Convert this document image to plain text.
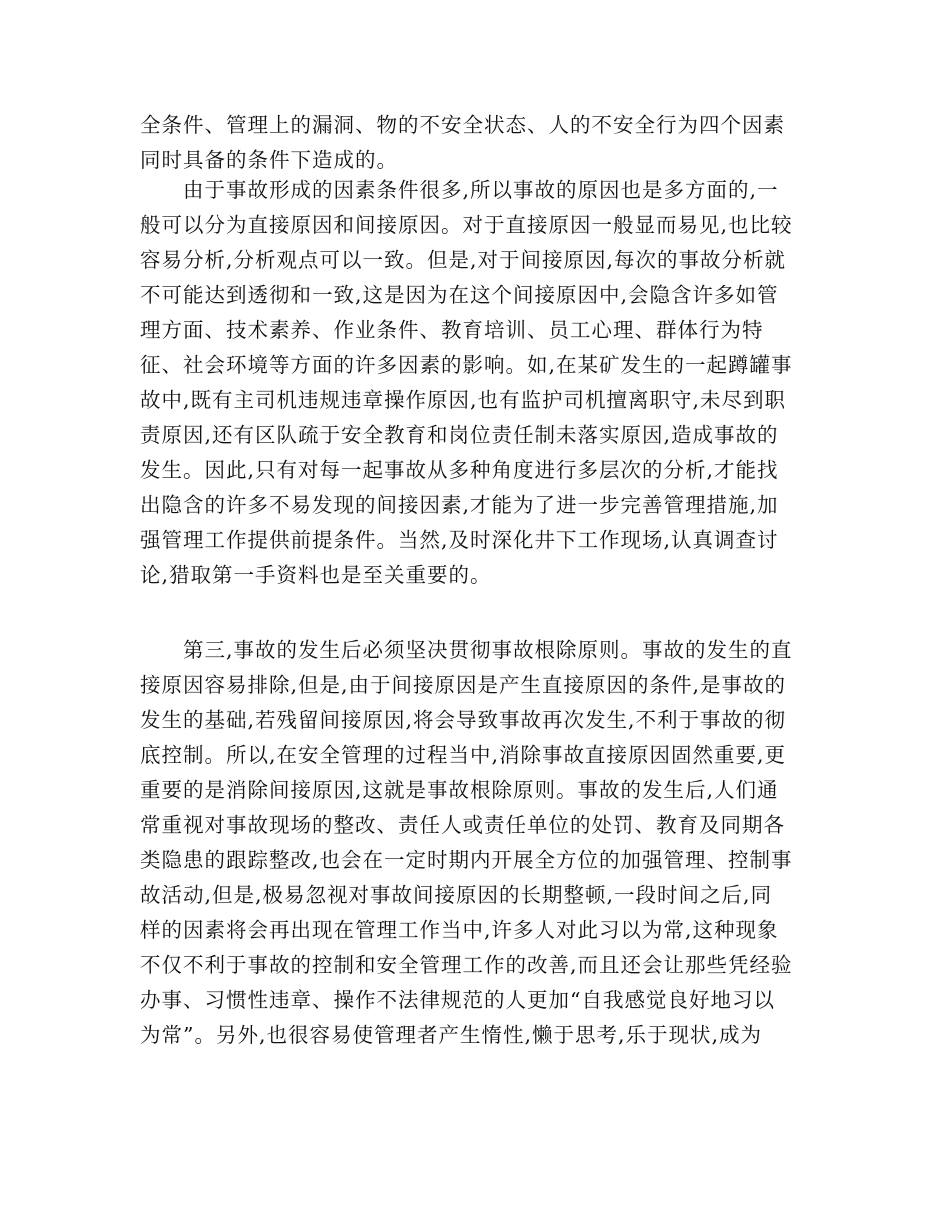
全条件、管理上的漏洞、物的不安全状态、人的不安全行为四个因素
同时具备的条件下造成的。
　　由于事故形成的因素条件很多,所以事故的原因也是多方面的,一
般可以分为直接原因和间接原因。对于直接原因一般显而易见,也比较
容易分析,分析观点可以一致。但是,对于间接原因,每次的事故分析就
不可能达到透彻和一致,这是因为在这个间接原因中,会隐含许多如管
理方面、技术素养、作业条件、教育培训、员工心理、群体行为特
征、社会环境等方面的许多因素的影响。如,在某矿发生的一起蹲罐事
故中,既有主司机违规违章操作原因,也有监护司机擅离职守,未尽到职
责原因,还有区队疏于安全教育和岗位责任制未落实原因,造成事故的
发生。因此,只有对每一起事故从多种角度进行多层次的分析,才能找
出隐含的许多不易发现的间接因素,才能为了进一步完善管理措施,加
强管理工作提供前提条件。当然,及时深化井下工作现场,认真调查讨
论,猎取第一手资料也是至关重要的。
　　第三,事故的发生后必须坚决贯彻事故根除原则。事故的发生的直
接原因容易排除,但是,由于间接原因是产生直接原因的条件,是事故的
发生的基础,若残留间接原因,将会导致事故再次发生,不利于事故的彻
底控制。所以,在安全管理的过程当中,消除事故直接原因固然重要,更
重要的是消除间接原因,这就是事故根除原则。事故的发生后,人们通
常重视对事故现场的整改、责任人或责任单位的处罚、教育及同期各
类隐患的跟踪整改,也会在一定时期内开展全方位的加强管理、控制事
故活动,但是,极易忽视对事故间接原因的长期整顿,一段时间之后,同
样的因素将会再出现在管理工作当中,许多人对此习以为常,这种现象
不仅不利于事故的控制和安全管理工作的改善,而且还会让那些凭经验
办事、习惯性违章、操作不法律规范的人更加“自我感觉良好地习以
为常”。另外,也很容易使管理者产生惰性,懒于思考,乐于现状,成为
